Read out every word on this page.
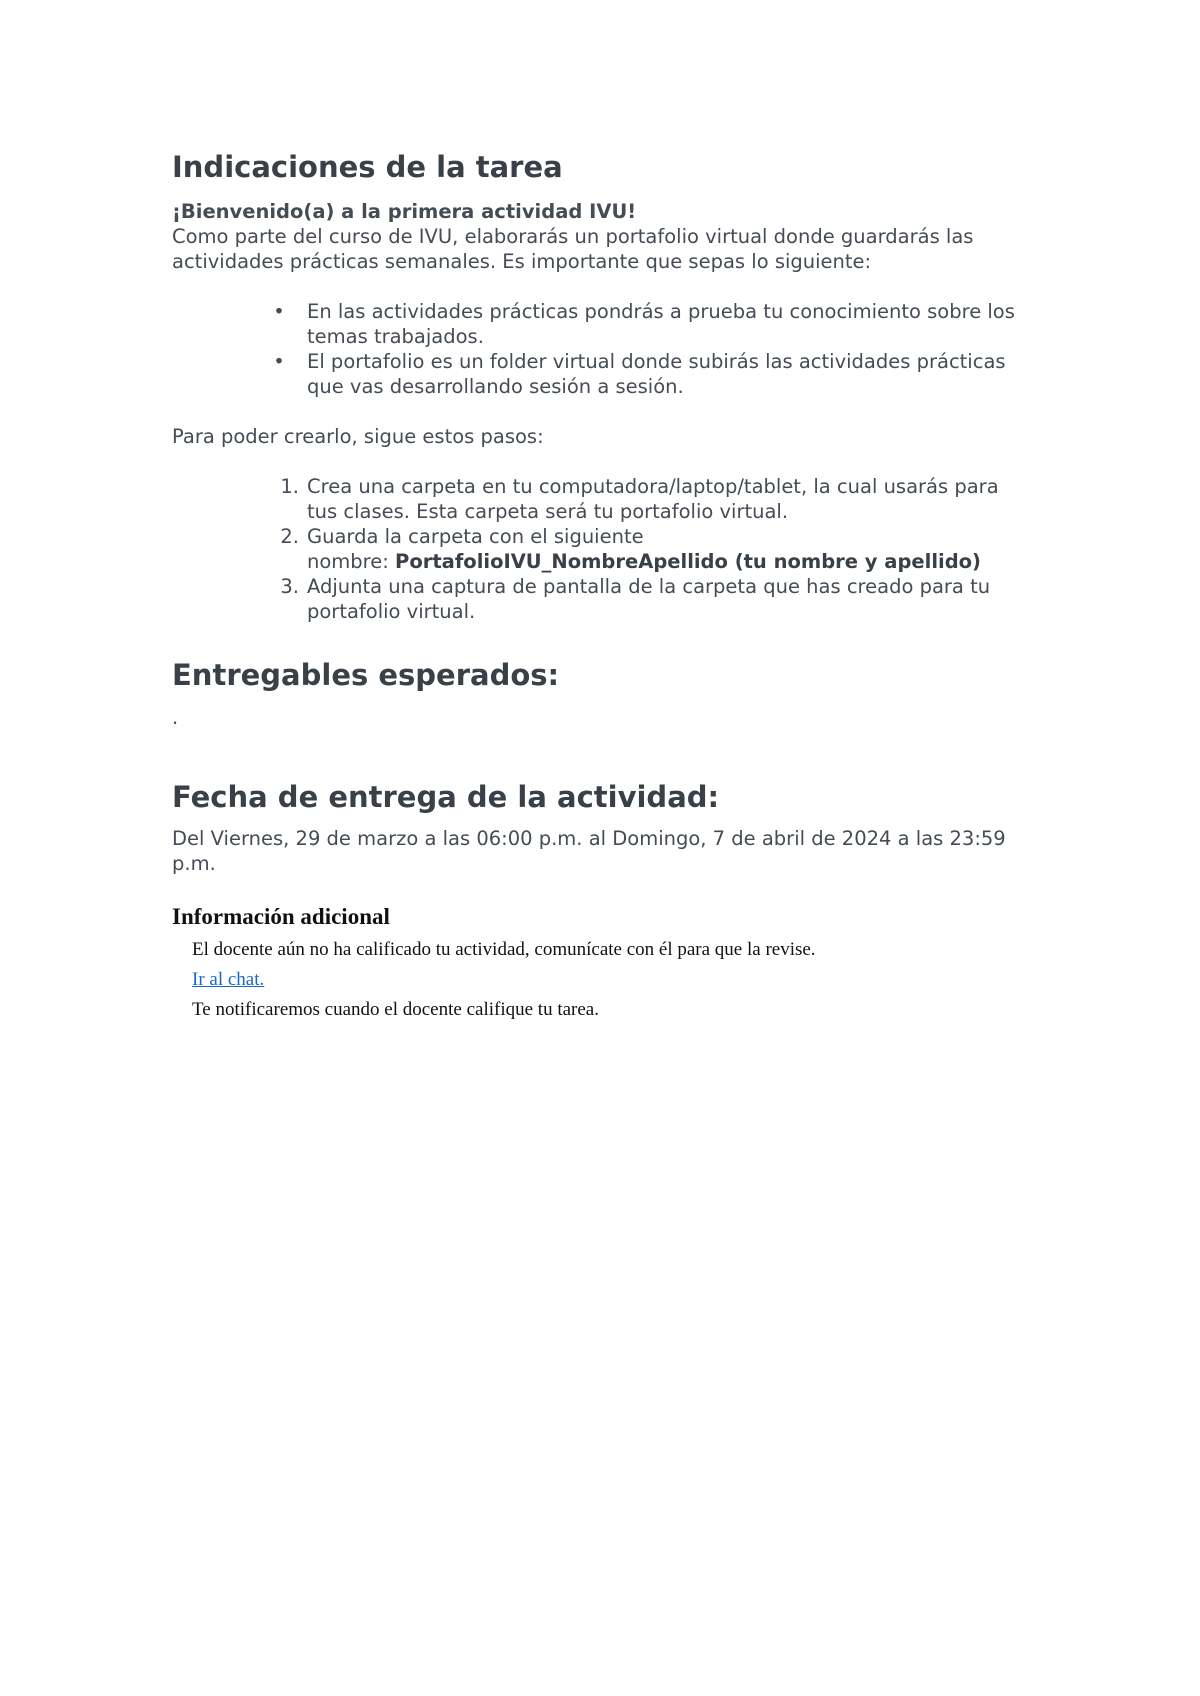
Indicaciones de la tarea

¡Bienvenido(a) a la primera actividad IVU!

Como parte del curso de IVU, elaborarás un portafolio virtual donde guardarás las actividades prácticas semanales. Es importante que sepas lo siguiente:

• En las actividades prácticas pondrás a prueba tu conocimiento sobre los temas trabajados.
• El portafolio es un folder virtual donde subirás las actividades prácticas que vas desarrollando sesión a sesión.

Para poder crearlo, sigue estos pasos:

1. Crea una carpeta en tu computadora/laptop/tablet, la cual usarás para tus clases. Esta carpeta será tu portafolio virtual.
2. Guarda la carpeta con el siguiente
nombre: PortafolioIVU_NombreApellido (tu nombre y apellido)
3. Adjunta una captura de pantalla de la carpeta que has creado para tu portafolio virtual.
Entregables esperados:

.

Fecha de entrega de la actividad:

Del Viernes, 29 de marzo a las 06:00 p.m. al Domingo, 7 de abril de 2024 a las 23:59 p.m.

Información adicional

El docente aún no ha calificado tu actividad, comunícate con él para que la revise.

Ir al chat.

Te notificaremos cuando el docente califique tu tarea.
